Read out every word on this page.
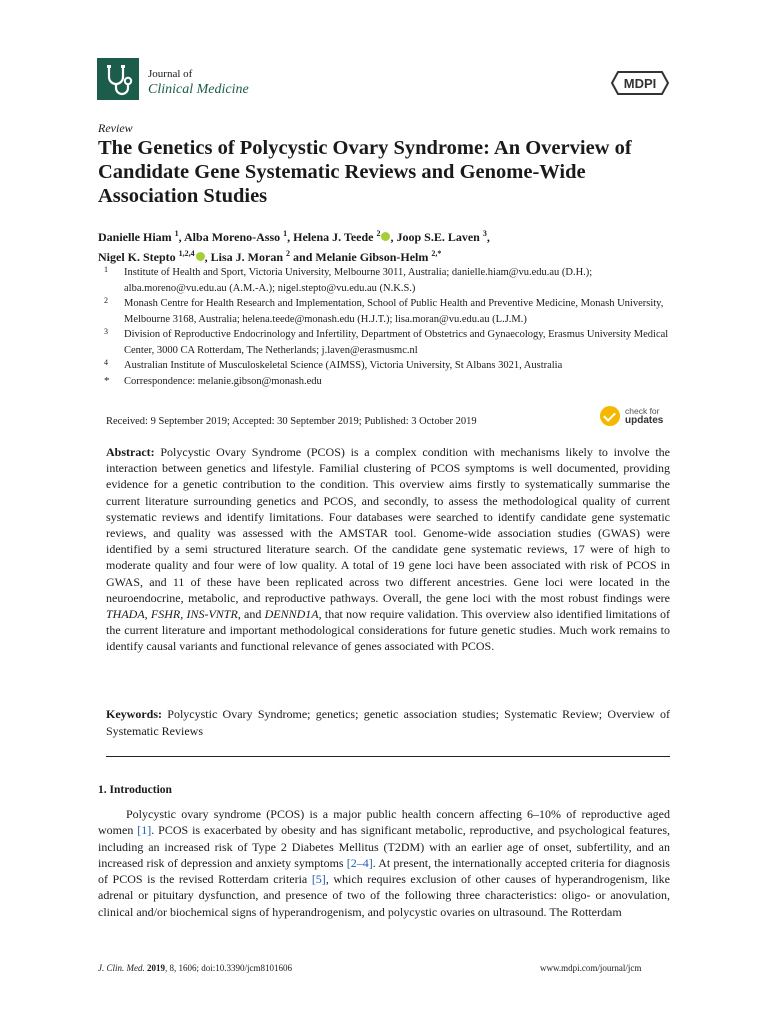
Journal of
Clinical Medicine	MDPI
Review
The Genetics of Polycystic Ovary Syndrome: An Overview of Candidate Gene Systematic Reviews and Genome-Wide Association Studies
Danielle Hiam $^1$, Alba Moreno-Asso $^1$, Helena J. Teede $^2$ , Joop S.E. Laven $^3$,
Nigel K. Stepto $^{1,2,4}$ , Lisa J. Moran $^2$ and Melanie Gibson-Helm $^{2,*}$
1 Institute of Health and Sport, Victoria University, Melbourne 3011, Australia; danielle.hiam@vu.edu.au (D.H.); alba.moreno@vu.edu.au (A.M.-A.); nigel.stepto@vu.edu.au (N.K.S.)
2 Monash Centre for Health Research and Implementation, School of Public Health and Preventive Medicine, Monash University, Melbourne 3168, Australia; helena.teede@monash.edu (H.J.T.); lisa.moran@vu.edu.au (L.J.M.)
3 Division of Reproductive Endocrinology and Infertility, Department of Obstetrics and Gynaecology, Erasmus University Medical Center, 3000 CA Rotterdam, The Netherlands; j.laven@erasmusmc.nl
4 Australian Institute of Musculoskeletal Science (AIMSS), Victoria University, St Albans 3021, Australia
* Correspondence: melanie.gibson@monash.edu
Received: 9 September 2019; Accepted: 30 September 2019; Published: 3 October 2019
check for
updates
Abstract: Polycystic Ovary Syndrome (PCOS) is a complex condition with mechanisms likely to involve the interaction between genetics and lifestyle. Familial clustering of PCOS symptoms is well documented, providing evidence for a genetic contribution to the condition. This overview aims firstly to systematically summarise the current literature surrounding genetics and PCOS, and secondly, to assess the methodological quality of current systematic reviews and identify limitations. Four databases were searched to identify candidate gene systematic reviews, and quality was assessed with the AMSTAR tool. Genome-wide association studies (GWAS) were identified by a semi structured literature search. Of the candidate gene systematic reviews, 17 were of high to moderate quality and four were of low quality. A total of 19 gene loci have been associated with risk of PCOS in GWAS, and 11 of these have been replicated across two different ancestries. Gene loci were located in the neuroendocrine, metabolic, and reproductive pathways. Overall, the gene loci with the most robust findings were THADA, FSHR, INS-VNTR, and DENND1A, that now require validation. This overview also identified limitations of the current literature and important methodological considerations for future genetic studies. Much work remains to identify causal variants and functional relevance of genes associated with PCOS.
Keywords: Polycystic Ovary Syndrome; genetics; genetic association studies; Systematic Review; Overview of Systematic Reviews
1. Introduction
Polycystic ovary syndrome (PCOS) is a major public health concern affecting 6–10% of reproductive aged women [1]. PCOS is exacerbated by obesity and has significant metabolic, reproductive, and psychological features, including an increased risk of Type 2 Diabetes Mellitus (T2DM) with an earlier age of onset, subfertility, and an increased risk of depression and anxiety symptoms [2–4]. At present, the internationally accepted criteria for diagnosis of PCOS is the revised Rotterdam criteria [5], which requires exclusion of other causes of hyperandrogenism, like adrenal or pituitary dysfunction, and presence of two of the following three characteristics: oligo- or anovulation, clinical and/or biochemical signs of hyperandrogenism, and polycystic ovaries on ultrasound. The Rotterdam
J. Clin. Med. 2019, 8, 1606; doi:10.3390/jcm8101606	www.mdpi.com/journal/jcm
